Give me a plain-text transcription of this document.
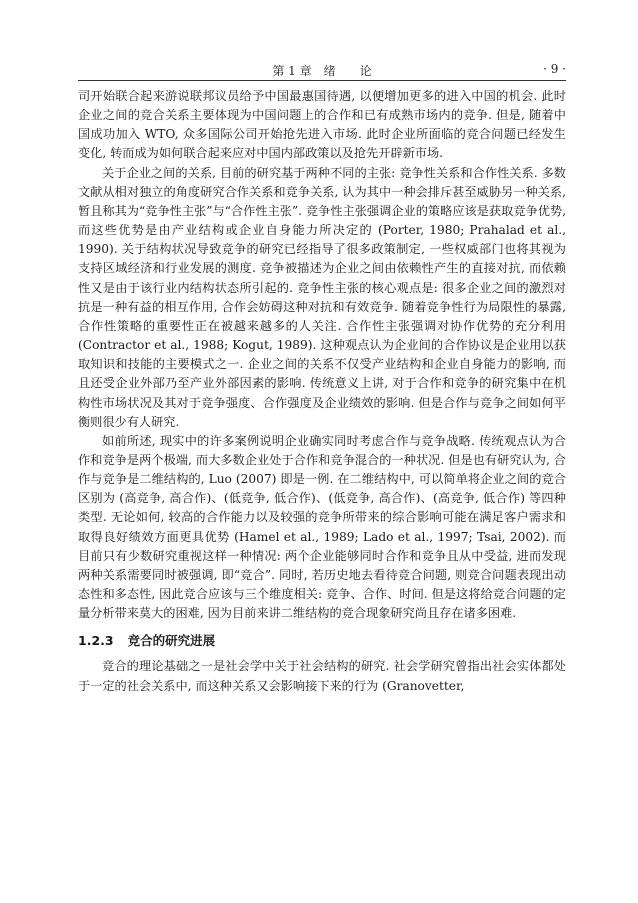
第 1 章　绪　　论	· 9 ·

司开始联合起来游说联邦议员给予中国最惠国待遇, 以便增加更多的进入中国的机会. 此时企业之间的竞合关系主要体现为中国问题上的合作和已有成熟市场内的竞争. 但是, 随着中国成功加入 WTO, 众多国际公司开始抢先进入市场. 此时企业所面临的竞合问题已经发生变化, 转而成为如何联合起来应对中国内部政策以及抢先开辟新市场.

关于企业之间的关系, 目前的研究基于两种不同的主张: 竞争性关系和合作性关系. 多数文献从相对独立的角度研究合作关系和竞争关系, 认为其中一种会排斥甚至威胁另一种关系, 暂且称其为“竞争性主张”与“合作性主张”. 竞争性主张强调企业的策略应该是获取竞争优势, 而这些优势是由产业结构或企业自身能力所决定的 (Porter, 1980; Prahalad et al., 1990). 关于结构状况导致竞争的研究已经指导了很多政策制定, 一些权威部门也将其视为支持区域经济和行业发展的测度. 竞争被描述为企业之间由依赖性产生的直接对抗, 而依赖性又是由于该行业内结构状态所引起的. 竞争性主张的核心观点是: 很多企业之间的激烈对抗是一种有益的相互作用, 合作会妨碍这种对抗和有效竞争. 随着竞争性行为局限性的暴露, 合作性策略的重要性正在被越来越多的人关注. 合作性主张强调对协作优势的充分利用 (Contractor et al., 1988; Kogut, 1989). 这种观点认为企业间的合作协议是企业用以获取知识和技能的主要模式之一. 企业之间的关系不仅受产业结构和企业自身能力的影响, 而且还受企业外部乃至产业外部因素的影响. 传统意义上讲, 对于合作和竞争的研究集中在机构性市场状况及其对于竞争强度、合作强度及企业绩效的影响. 但是合作与竞争之间如何平衡则很少有人研究.

如前所述, 现实中的许多案例说明企业确实同时考虑合作与竞争战略. 传统观点认为合作和竞争是两个极端, 而大多数企业处于合作和竞争混合的一种状况. 但是也有研究认为, 合作与竞争是二维结构的, Luo (2007) 即是一例. 在二维结构中, 可以简单将企业之间的竞合区别为 (高竞争, 高合作)、(低竞争, 低合作)、(低竞争, 高合作)、(高竞争, 低合作) 等四种类型. 无论如何, 较高的合作能力以及较强的竞争所带来的综合影响可能在满足客户需求和取得良好绩效方面更具优势 (Hamel et al., 1989; Lado et al., 1997; Tsai, 2002). 而目前只有少数研究重视这样一种情况: 两个企业能够同时合作和竞争且从中受益, 进而发现两种关系需要同时被强调, 即“竞合”. 同时, 若历史地去看待竞合问题, 则竞合问题表现出动态性和多态性, 因此竞合应该与三个维度相关: 竞争、合作、时间. 但是这将给竞合问题的定量分析带来莫大的困难, 因为目前来讲二维结构的竞合现象研究尚且存在诸多困难.

1.2.3 竞合的研究进展

竞合的理论基础之一是社会学中关于社会结构的研究. 社会学研究曾指出社会实体都处于一定的社会关系中, 而这种关系又会影响接下来的行为 (Granovetter,
